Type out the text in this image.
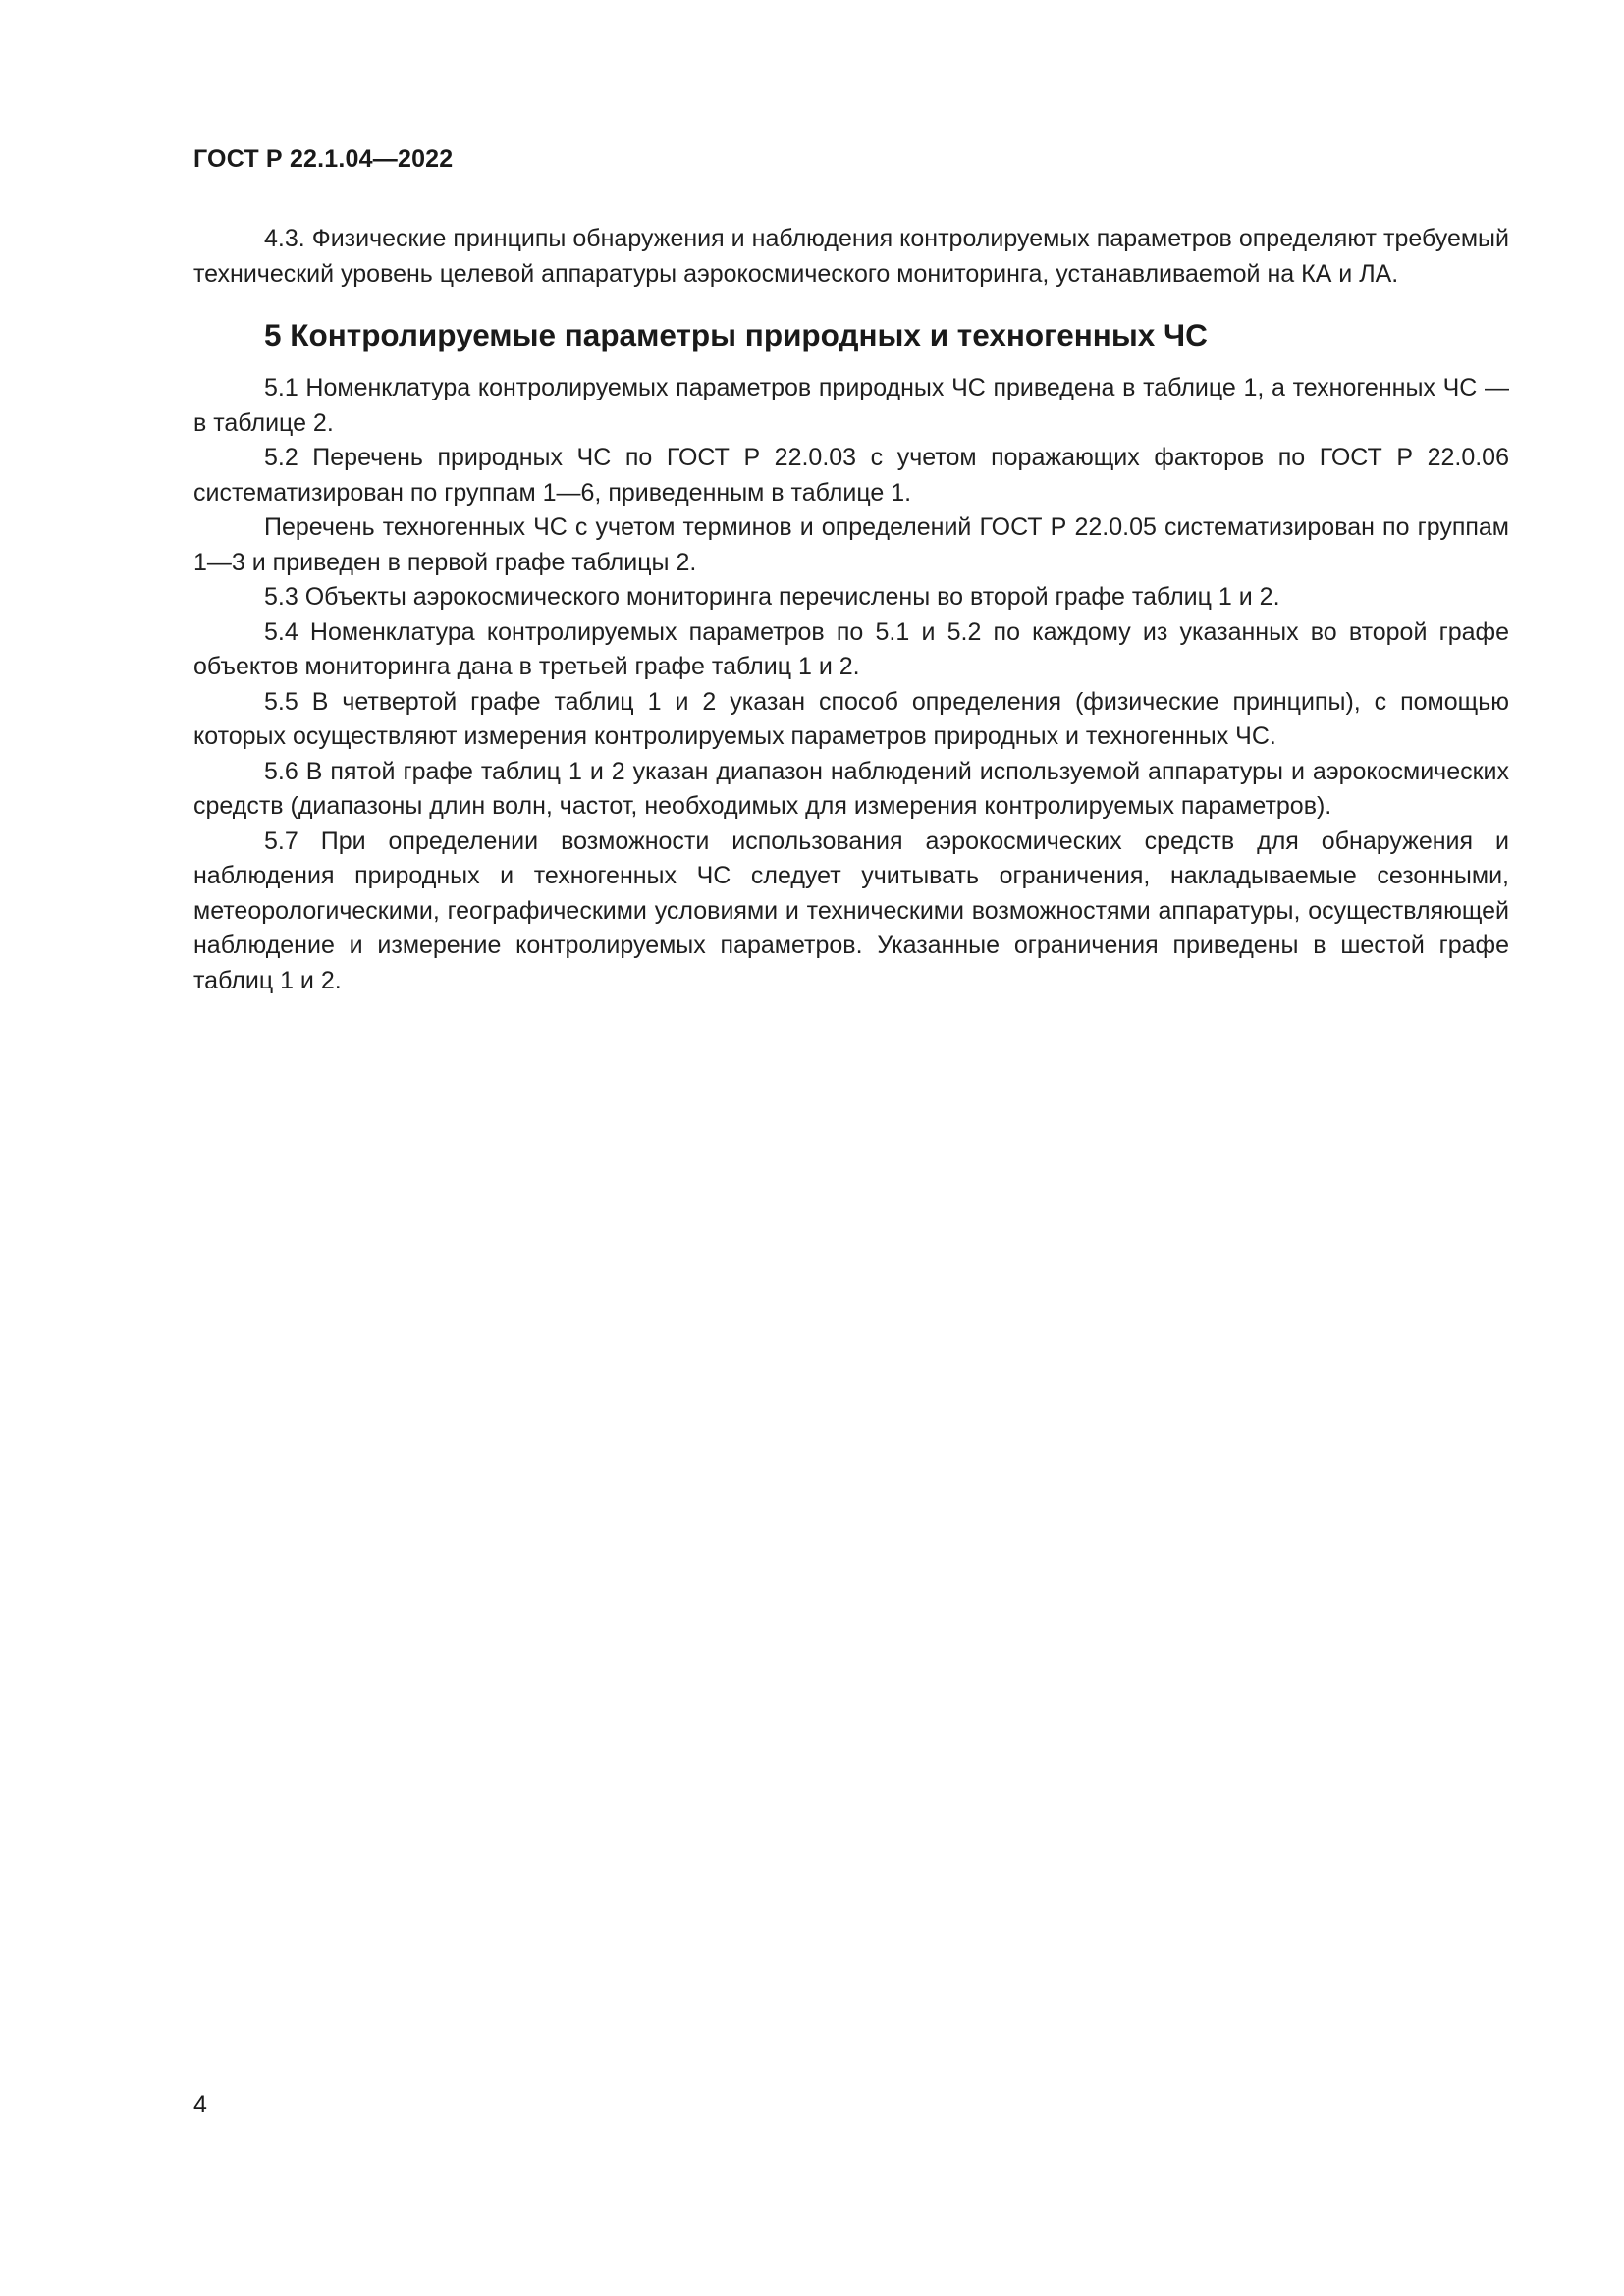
ГОСТ Р 22.1.04—2022

4.3. Физические принципы обнаружения и наблюдения контролируемых параметров определяют требуемый технический уровень целевой аппаратуры аэрокосмического мониторинга, устанавливаеmой на КА и ЛА.

5 Контролируемые параметры природных и техногенных ЧС

5.1 Номенклатура контролируемых параметров природных ЧС приведена в таблице 1, а техногенных ЧС — в таблице 2.

5.2 Перечень природных ЧС по ГОСТ Р 22.0.03 с учетом поражающих факторов по ГОСТ Р 22.0.06 систематизирован по группам 1—6, приведенным в таблице 1.

Перечень техногенных ЧС с учетом терминов и определений ГОСТ Р 22.0.05 систематизирован по группам 1—3 и приведен в первой графе таблицы 2.

5.3 Объекты аэрокосмического мониторинга перечислены во второй графе таблиц 1 и 2.

5.4 Номенклатура контролируемых параметров по 5.1 и 5.2 по каждому из указанных во второй графе объектов мониторинга дана в третьей графе таблиц 1 и 2.

5.5 В четвертой графе таблиц 1 и 2 указан способ определения (физические принципы), с помощью которых осуществляют измерения контролируемых параметров природных и техногенных ЧС.

5.6 В пятой графе таблиц 1 и 2 указан диапазон наблюдений используемой аппаратуры и аэрокосмических средств (диапазоны длин волн, частот, необходимых для измерения контролируемых параметров).

5.7 При определении возможности использования аэрокосмических средств для обнаружения и наблюдения природных и техногенных ЧС следует учитывать ограничения, накладываемые сезонными, метеорологическими, географическими условиями и техническими возможностями аппаратуры, осуществляющей наблюдение и измерение контролируемых параметров. Указанные ограничения приведены в шестой графе таблиц 1 и 2.

4
